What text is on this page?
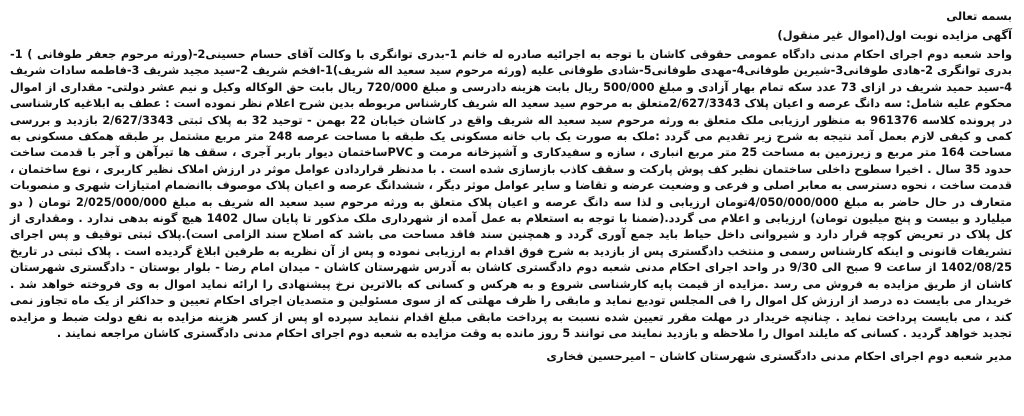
بسمه تعالی
آگهی مزایده نوبت اول(اموال غیر منقول)

واحد شعبه دوم اجرای احکام مدنی دادگاه عمومی حقوقی کاشان با توجه به اجرائیه صادره له خانم 1-بدری توانگری با وکالت آقای حسام حسینی2-(ورثه مرحوم جعفر طوفانی ) 1-بدری توانگری 2-هادی طوفانی3-شیرین طوفانی4-مهدی طوفانی5-شادی طوفانی علیه (ورثه مرحوم سید سعید اله شریف)1-افخم شریف 2-سید مجید شریف 3-فاطمه سادات شریف 4-سید حمید شریف در ازای 73 عدد سکه تمام بهار آزادی و مبلغ 500/000 ریال بابت هزینه دادرسی و مبلغ 720/000 ریال بابت حق الوکاله وکیل و نیم عشر دولتی- مقداری از اموال محکوم علیه شامل: سه دانگ عرصه و اعیان پلاک 2/627/3343متعلق به مرحوم سید سعید اله شریف کارشناس مربوطه بدین شرح اعلام نظر نموده است : عطف به ابلاغیه کارشناسی در پرونده کلاسه 961376 به منظور ارزیابی ملک متعلق به ورثه مرحوم سید سعید اله شریف واقع در کاشان خیابان 22 بهمن - توحید 32 به پلاک ثبتی 2/627/3343 بازدید و بررسی کمی و کیفی لازم بعمل آمد نتیجه به شرح زیر تقدیم می گردد :ملک به صورت یک باب خانه مسکونی یک طبقه با مساحت عرصه 248 متر مربع مشتمل بر طبقه همکف مسکونی به مساحت 164 متر مربع و زیرزمین به مساحت 25 متر مربع انباری ، سازه و سفیدکاری و آشپزخانه مرمت و PVCساختمان دیوار باربر آجری ، سقف ها تیرآهن و آجر با قدمت ساخت حدود 35 سال . اخیرا سطوح داخلی ساختمان نظیر کف پوش پارکت و سقف کاذب بازسازی شده است . با مدنظر قراردادن عوامل موثر در ارزش املاک نظیر کاربری ، نوع ساختمان ، قدمت ساخت ، نحوه دسترسی به معابر اصلی و فرعی و وضعیت عرضه و تقاضا و سایر عوامل موثر دیگر ، ششدانگ عرصه و اعیان پلاک موصوف باانضمام امتیازات شهری و منصوبات متعارف در حال حاضر به مبلغ 4/050/000/000تومان ارزیابی و لذا سه دانگ عرصه و اعیان پلاک متعلق به ورثه مرحوم سید سعید اله شریف به مبلغ 2/025/000/000 تومان ( دو میلیارد و بیست و پنج میلیون تومان) ارزیابی و اعلام می گردد.(ضمنا با توجه به استعلام به عمل آمده از شهرداری ملک مذکور تا پایان سال 1402 هیچ گونه بدهی ندارد . ومقداری از کل پلاک در تعریض کوچه قرار دارد و شیروانی داخل حیاط باید جمع آوری گردد و همچنین سند فاقد مساحت می باشد که اصلاح سند الزامی است).پلاک ثبتی توقیف و پس اجرای تشریفات قانونی و اینکه کارشناس رسمی و منتخب دادگستری پس از بازدید به شرح فوق اقدام به ارزیابی نموده و پس از آن نظریه به طرفین ابلاغ گردیده است . پلاک ثبتی در تاریخ 1402/08/25 از ساعت 9 صبح الی 9/30 در واحد اجرای احکام مدنی شعبه دوم دادگستری کاشان به آدرس شهرستان کاشان - میدان امام رضا - بلوار بوستان - دادگستری شهرستان کاشان از طریق مزایده به فروش می رسد .مزایده از قیمت پایه کارشناسی شروع و به هرکس و کسانی که بالاترین نرخ پیشنهادی را ارائه نماید اموال به وی فروخته خواهد شد . خریدار می بایست ده درصد از ارزش کل اموال را فی المجلس تودیع نماید و مابقی را ظرف مهلتی که از سوی مسئولین و متصدیان اجرای احکام تعیین و حداکثر از یک ماه تجاوز نمی کند ، می بایست پرداخت نماید . چنانچه خریدار در مهلت مقرر تعیین شده نسبت به پرداخت مابقی مبلغ اقدام ننماید سپرده او پس از کسر هزینه مزایده به نفع دولت ضبط و مزایده تجدید خواهد گردید . کسانی که مایلند اموال را ملاحظه و بازدید نمایند می توانند 5 روز مانده به وقت مزایده به شعبه دوم اجرای احکام مدنی دادگستری کاشان مراجعه نمایند .

مدیر شعبه دوم اجرای احکام مدنی دادگستری شهرستان کاشان – امیرحسین فخاری
